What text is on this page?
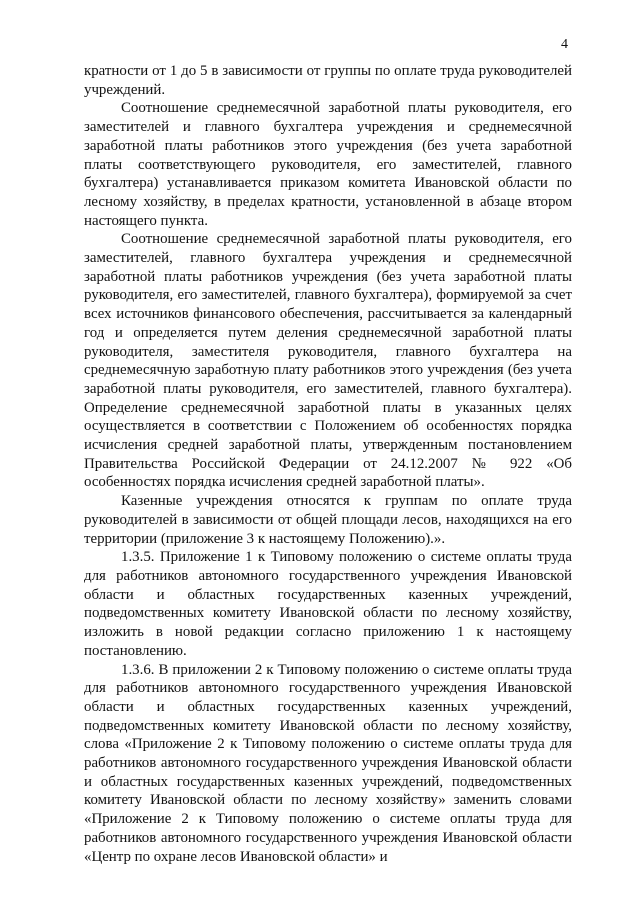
4

кратности от 1 до 5 в зависимости от группы по оплате труда руководителей учреждений.

Соотношение среднемесячной заработной платы руководителя, его заместителей и главного бухгалтера учреждения и среднемесячной заработной платы работников этого учреждения (без учета заработной платы соответствующего руководителя, его заместителей, главного бухгалтера) устанавливается приказом комитета Ивановской области по лесному хозяйству, в пределах кратности, установленной в абзаце втором настоящего пункта.

Соотношение среднемесячной заработной платы руководителя, его заместителей, главного бухгалтера учреждения и среднемесячной заработной платы работников учреждения (без учета заработной платы руководителя, его заместителей, главного бухгалтера), формируемой за счет всех источников финансового обеспечения, рассчитывается за календарный год и определяется путем деления среднемесячной заработной платы руководителя, заместителя руководителя, главного бухгалтера на среднемесячную заработную плату работников этого учреждения (без учета заработной платы руководителя, его заместителей, главного бухгалтера). Определение среднемесячной заработной платы в указанных целях осуществляется в соответствии с Положением об особенностях порядка исчисления средней заработной платы, утвержденным постановлением Правительства Российской Федерации от 24.12.2007 № 922 «Об особенностях порядка исчисления средней заработной платы».

Казенные учреждения относятся к группам по оплате труда руководителей в зависимости от общей площади лесов, находящихся на его территории (приложение 3 к настоящему Положению).».

1.3.5. Приложение 1 к Типовому положению о системе оплаты труда для работников автономного государственного учреждения Ивановской области и областных государственных казенных учреждений, подведомственных комитету Ивановской области по лесному хозяйству, изложить в новой редакции согласно приложению 1 к настоящему постановлению.

1.3.6. В приложении 2 к Типовому положению о системе оплаты труда для работников автономного государственного учреждения Ивановской области и областных государственных казенных учреждений, подведомственных комитету Ивановской области по лесному хозяйству, слова «Приложение 2 к Типовому положению о системе оплаты труда для работников автономного государственного учреждения Ивановской области и областных государственных казенных учреждений, подведомственных комитету Ивановской области по лесному хозяйству» заменить словами «Приложение 2 к Типовому положению о системе оплаты труда для работников автономного государственного учреждения Ивановской области «Центр по охране лесов Ивановской области» и
